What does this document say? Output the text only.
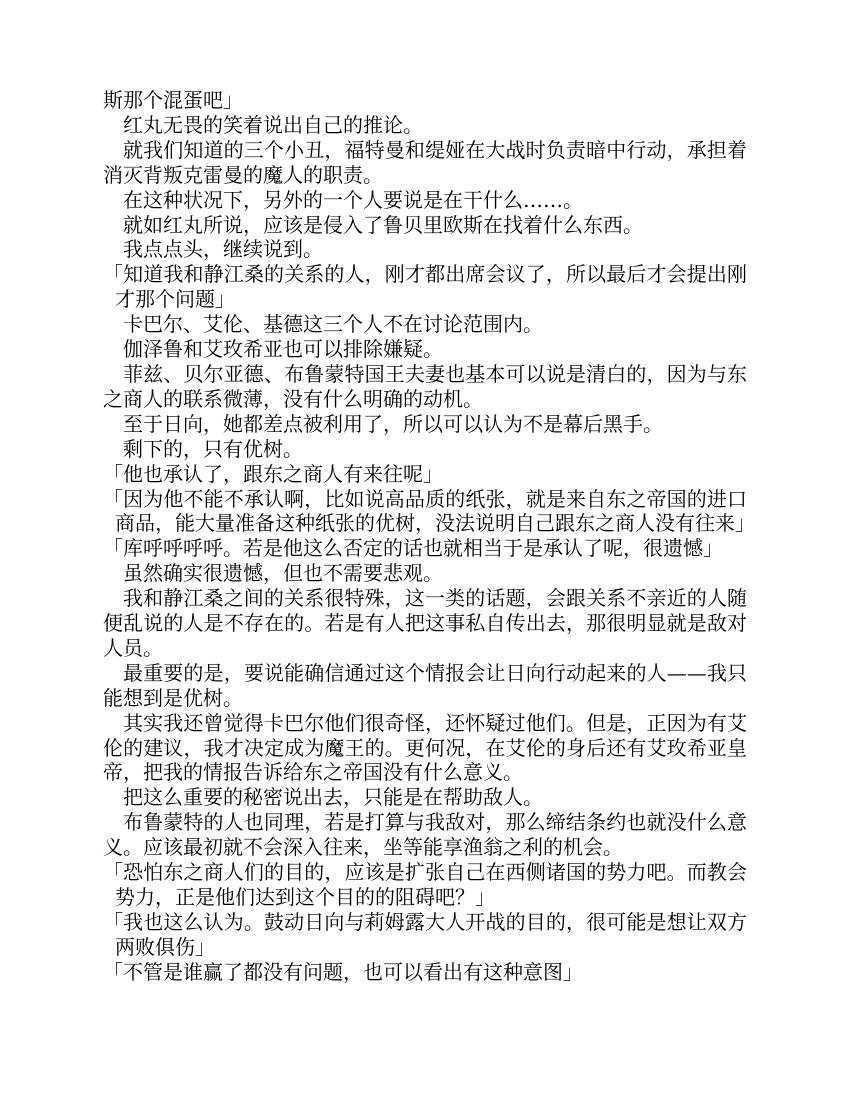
斯那个混蛋吧」

红丸无畏的笑着说出自己的推论。

就我们知道的三个小丑，福特曼和缇娅在大战时负责暗中行动，承担着消灭背叛克雷曼的魔人的职责。

在这种状况下，另外的一个人要说是在干什么……。

就如红丸所说，应该是侵入了鲁贝里欧斯在找着什么东西。

我点点头，继续说到。

「知道我和静江桑的关系的人，刚才都出席会议了，所以最后才会提出刚才那个问题」

卡巴尔、艾伦、基德这三个人不在讨论范围内。

伽泽鲁和艾玫希亚也可以排除嫌疑。

菲兹、贝尔亚德、布鲁蒙特国王夫妻也基本可以说是清白的，因为与东之商人的联系微薄，没有什么明确的动机。

至于日向，她都差点被利用了，所以可以认为不是幕后黑手。

剩下的，只有优树。

「他也承认了，跟东之商人有来往呢」

「因为他不能不承认啊，比如说高品质的纸张，就是来自东之帝国的进口商品，能大量准备这种纸张的优树，没法说明自己跟东之商人没有往来」

「库呼呼呼呼。若是他这么否定的话也就相当于是承认了呢，很遗憾」

虽然确实很遗憾，但也不需要悲观。

我和静江桑之间的关系很特殊，这一类的话题，会跟关系不亲近的人随便乱说的人是不存在的。若是有人把这事私自传出去，那很明显就是敌对人员。

最重要的是，要说能确信通过这个情报会让日向行动起来的人——我只能想到是优树。

其实我还曾觉得卡巴尔他们很奇怪，还怀疑过他们。但是，正因为有艾伦的建议，我才决定成为魔王的。更何况，在艾伦的身后还有艾玫希亚皇帝，把我的情报告诉给东之帝国没有什么意义。

把这么重要的秘密说出去，只能是在帮助敌人。

布鲁蒙特的人也同理，若是打算与我敌对，那么缔结条约也就没什么意义。应该最初就不会深入往来，坐等能享渔翁之利的机会。

「恐怕东之商人们的目的，应该是扩张自己在西侧诸国的势力吧。而教会势力，正是他们达到这个目的的阻碍吧？」

「我也这么认为。鼓动日向与莉姆露大人开战的目的，很可能是想让双方两败俱伤」

「不管是谁赢了都没有问题，也可以看出有这种意图」
